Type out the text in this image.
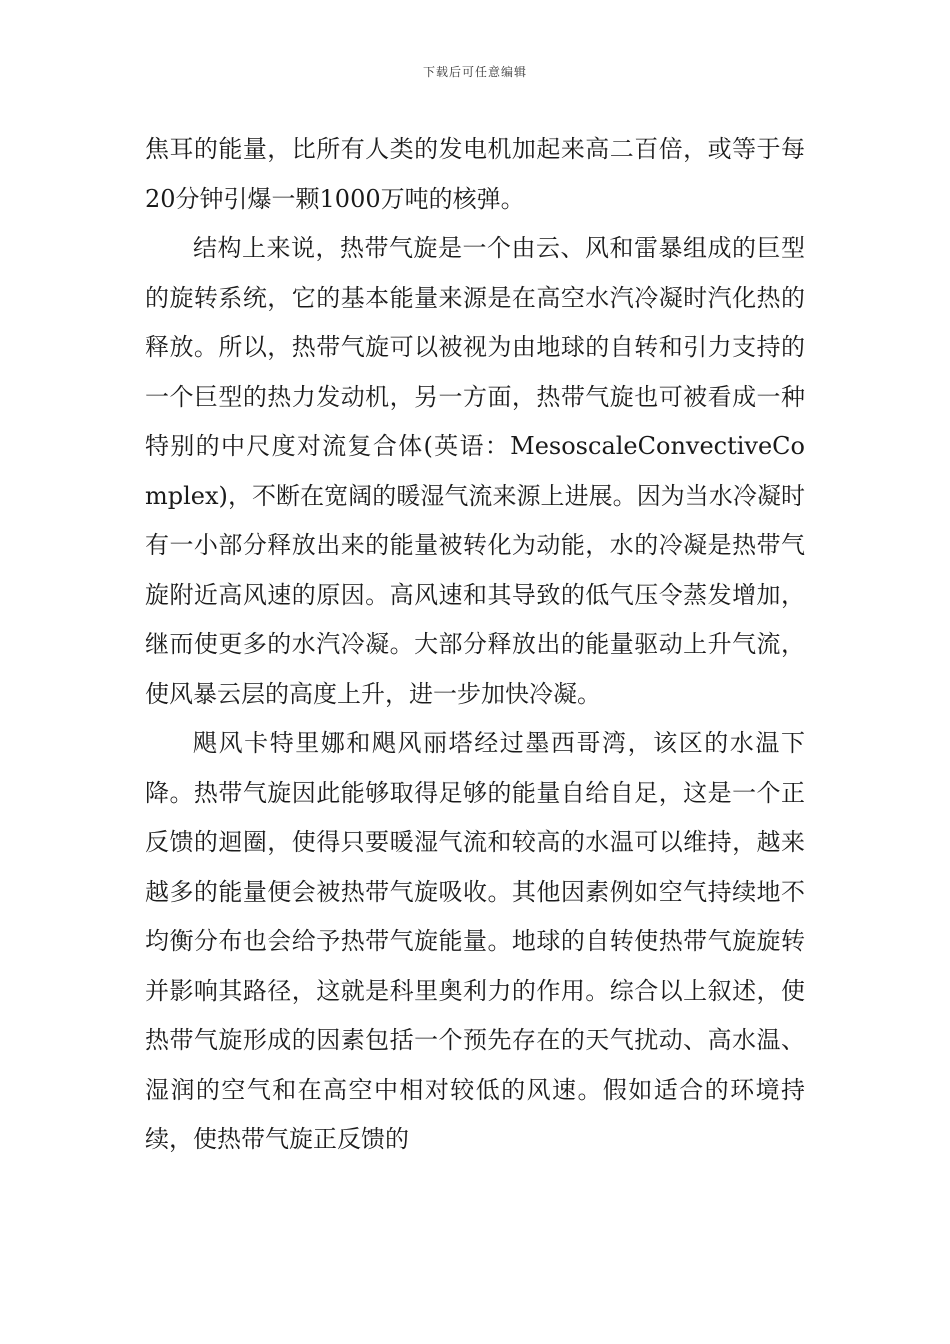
下载后可任意编辑

焦耳的能量，比所有人类的发电机加起来高二百倍，或等于每20分钟引爆一颗1000万吨的核弹。

结构上来说，热带气旋是一个由云、风和雷暴组成的巨型的旋转系统，它的基本能量来源是在高空水汽冷凝时汽化热的释放。所以，热带气旋可以被视为由地球的自转和引力支持的一个巨型的热力发动机，另一方面，热带气旋也可被看成一种特别的中尺度对流复合体(英语：MesoscaleConvectiveComplex)，不断在宽阔的暖湿气流来源上进展。因为当水冷凝时有一小部分释放出来的能量被转化为动能，水的冷凝是热带气旋附近高风速的原因。高风速和其导致的低气压令蒸发增加，继而使更多的水汽冷凝。大部分释放出的能量驱动上升气流，使风暴云层的高度上升，进一步加快冷凝。

飓风卡特里娜和飓风丽塔经过墨西哥湾，该区的水温下降。热带气旋因此能够取得足够的能量自给自足，这是一个正反馈的迴圈，使得只要暖湿气流和较高的水温可以维持，越来越多的能量便会被热带气旋吸收。其他因素例如空气持续地不均衡分布也会给予热带气旋能量。地球的自转使热带气旋旋转并影响其路径，这就是科里奥利力的作用。综合以上叙述，使热带气旋形成的因素包括一个预先存在的天气扰动、高水温、湿润的空气和在高空中相对较低的风速。假如适合的环境持续，使热带气旋正反馈的
